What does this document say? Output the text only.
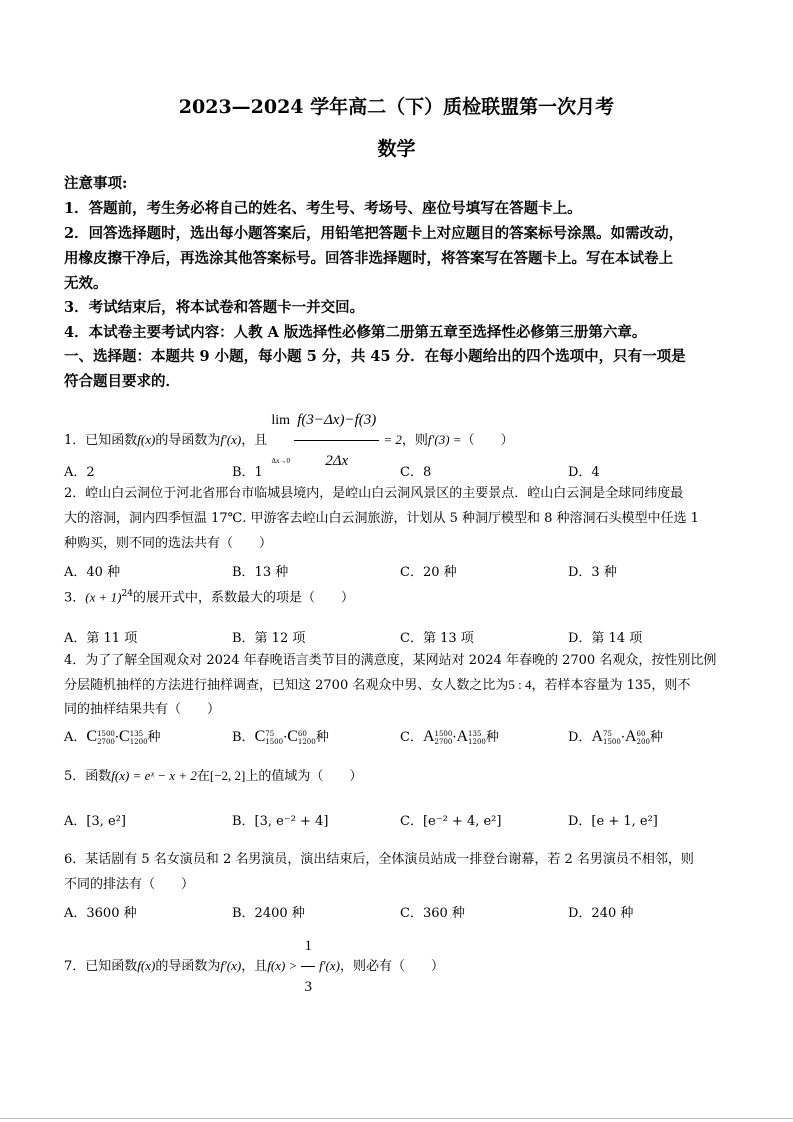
2023—2024 学年高二（下）质检联盟第一次月考
数学
注意事项:
1．答题前，考生务必将自己的姓名、考生号、考场号、座位号填写在答题卡上。
2．回答选择题时，选出每小题答案后，用铅笔把答题卡上对应题目的答案标号涂黑。如需改动，
用橡皮擦干净后，再选涂其他答案标号。回答非选择题时，将答案写在答题卡上。写在本试卷上
无效。
3．考试结束后，将本试卷和答题卡一并交回。
4．本试卷主要考试内容：人教 A 版选择性必修第二册第五章至选择性必修第三册第六章。
一、选择题：本题共 9 小题，每小题 5 分，共 45 分．在每小题给出的四个选项中，只有一项是
符合题目要求的．
1．已知函数f(x)的导函数为f′(x)，且
lim
Δx→0
$\frac{f(3-\Delta x)-f(3)}{2\Delta x} = 2$，则f′(3) =（　　）
A．2	B．1	C．8	D．4
2．崆山白云洞位于河北省邢台市临城县境内，是崆山白云洞风景区的主要景点．崆山白云洞是全球同纬度最
大的溶洞，洞内四季恒温 17℃. 甲游客去崆山白云洞旅游，计划从 5 种洞厅模型和 8 种溶洞石头模型中任选 1
种购买，则不同的选法共有（　　）
A．40 种	B．13 种	C．20 种	D．3 种
3．$(x + 1)^{24}$的展开式中，系数最大的项是（　　）
A．第 11 项	B．第 12 项	C．第 13 项	D．第 14 项
4．为了了解全国观众对 2024 年春晚语言类节目的满意度，某网站对 2024 年春晚的 2700 名观众，按性别比例
分层随机抽样的方法进行抽样调查，已知这 2700 名观众中男、女人数之比为5 : 4，若样本容量为 135，则不
同的抽样结果共有（　　）
A．C 1500
2700 ·C 135
1200 种	B．C 75
1500 ·C 60
1200 种	C．A 1500
2700 ·A 135
1200 种	D．A 75
1500 ·A 60
200 种
5．函数f(x) = eˣ − x + 2在[−2, 2]上的值域为（　　）
A．[3, e²]	B．[3, e⁻² + 4]	C．[e⁻² + 4, e²]	D．[e + 1, e²]
6．某话剧有 5 名女演员和 2 名男演员，演出结束后，全体演员站成一排登台谢幕，若 2 名男演员不相邻，则
不同的排法有（　　）
A．3600 种	B．2400 种	C．360 种	D．240 种
7．已知函数f(x)的导函数为f′(x)，且$f(x) > \frac{1}{3} f'(x)$，则必有（　　）
